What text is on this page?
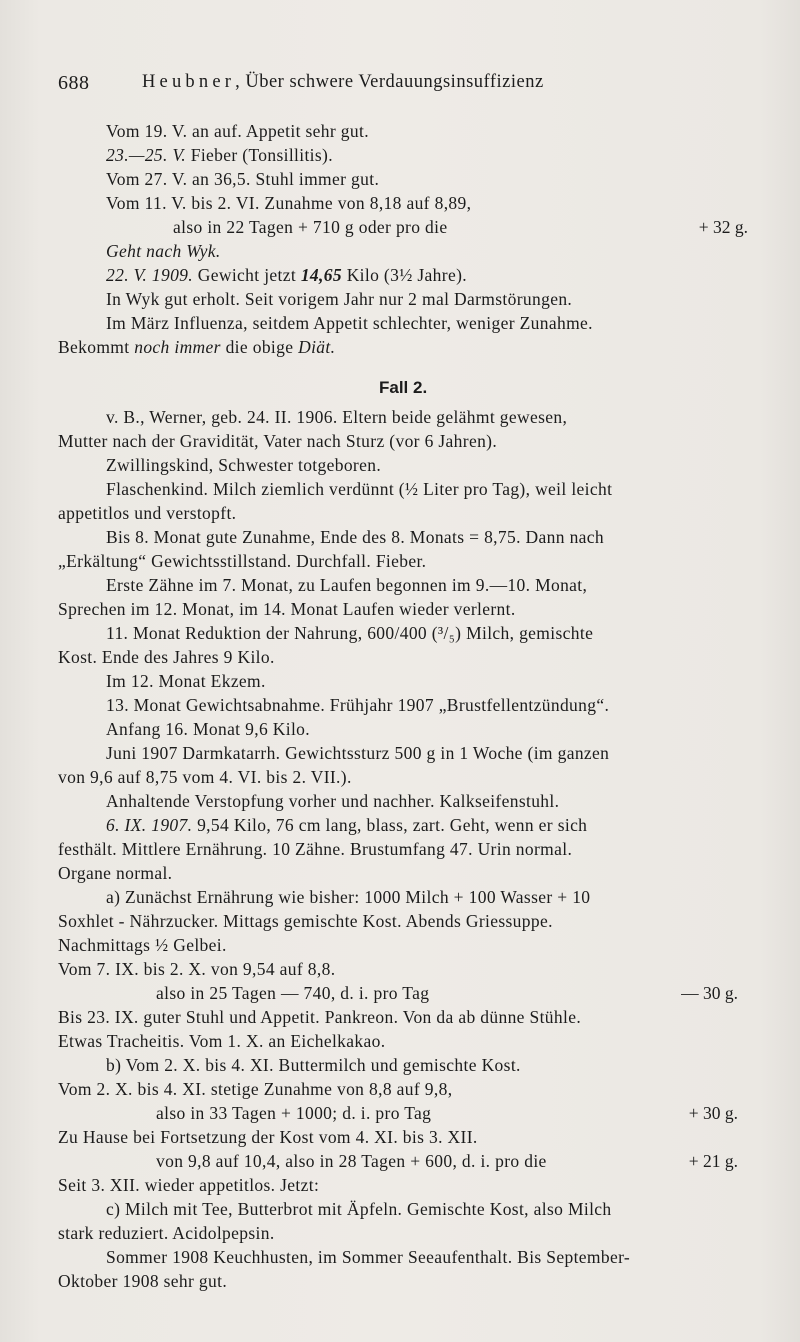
688	Heubner, Über schwere Verdauungsinsuffizienz
Vom 19. V. an auf. Appetit sehr gut.
23.—25. V. Fieber (Tonsillitis).
Vom 27. V. an 36,5. Stuhl immer gut.
Vom 11. V. bis 2. VI. Zunahme von 8,18 auf 8,89,
also in 22 Tagen + 710 g oder pro die	+ 32 g.
Geht nach Wyk.
22. V. 1909. Gewicht jetzt 14,65 Kilo (3½ Jahre).
In Wyk gut erholt. Seit vorigem Jahr nur 2 mal Darmstörungen.
Im März Influenza, seitdem Appetit schlechter, weniger Zunahme.
Bekommt noch immer die obige Diät.
Fall 2.
v. B., Werner, geb. 24. II. 1906. Eltern beide gelähmt gewesen,
Mutter nach der Gravidität, Vater nach Sturz (vor 6 Jahren).
Zwillingskind, Schwester totgeboren.
Flaschenkind. Milch ziemlich verdünnt (½ Liter pro Tag), weil leicht
appetitlos und verstopft.
Bis 8. Monat gute Zunahme, Ende des 8. Monats = 8,75. Dann nach
„Erkältung“ Gewichtsstillstand. Durchfall. Fieber.
Erste Zähne im 7. Monat, zu Laufen begonnen im 9.—10. Monat,
Sprechen im 12. Monat, im 14. Monat Laufen wieder verlernt.
11. Monat Reduktion der Nahrung, 600/400 (³/₅) Milch, gemischte
Kost. Ende des Jahres 9 Kilo.
Im 12. Monat Ekzem.
13. Monat Gewichtsabnahme. Frühjahr 1907 „Brustfellentzündung“.
Anfang 16. Monat 9,6 Kilo.
Juni 1907 Darmkatarrh. Gewichtssturz 500 g in 1 Woche (im ganzen
von 9,6 auf 8,75 vom 4. VI. bis 2. VII.).
Anhaltende Verstopfung vorher und nachher. Kalkseifenstuhl.
6. IX. 1907. 9,54 Kilo, 76 cm lang, blass, zart. Geht, wenn er sich
festhält. Mittlere Ernährung. 10 Zähne. Brustumfang 47. Urin normal.
Organe normal.
a) Zunächst Ernährung wie bisher: 1000 Milch + 100 Wasser + 10
Soxhlet - Nährzucker. Mittags gemischte Kost. Abends Griessuppe.
Nachmittags ½ Gelbei.
Vom 7. IX. bis 2. X. von 9,54 auf 8,8.
also in 25 Tagen — 740, d. i. pro Tag	— 30 g.
Bis 23. IX. guter Stuhl und Appetit. Pankreon. Von da ab dünne Stühle.
Etwas Tracheitis. Vom 1. X. an Eichelkakao.
b) Vom 2. X. bis 4. XI. Buttermilch und gemischte Kost.
Vom 2. X. bis 4. XI. stetige Zunahme von 8,8 auf 9,8,
also in 33 Tagen + 1000; d. i. pro Tag	+ 30 g.
Zu Hause bei Fortsetzung der Kost vom 4. XI. bis 3. XII.
von 9,8 auf 10,4, also in 28 Tagen + 600, d. i. pro die	+ 21 g.
Seit 3. XII. wieder appetitlos. Jetzt:
c) Milch mit Tee, Butterbrot mit Äpfeln. Gemischte Kost, also Milch
stark reduziert. Acidolpepsin.
Sommer 1908 Keuchhusten, im Sommer Seeaufenthalt. Bis September-
Oktober 1908 sehr gut.
